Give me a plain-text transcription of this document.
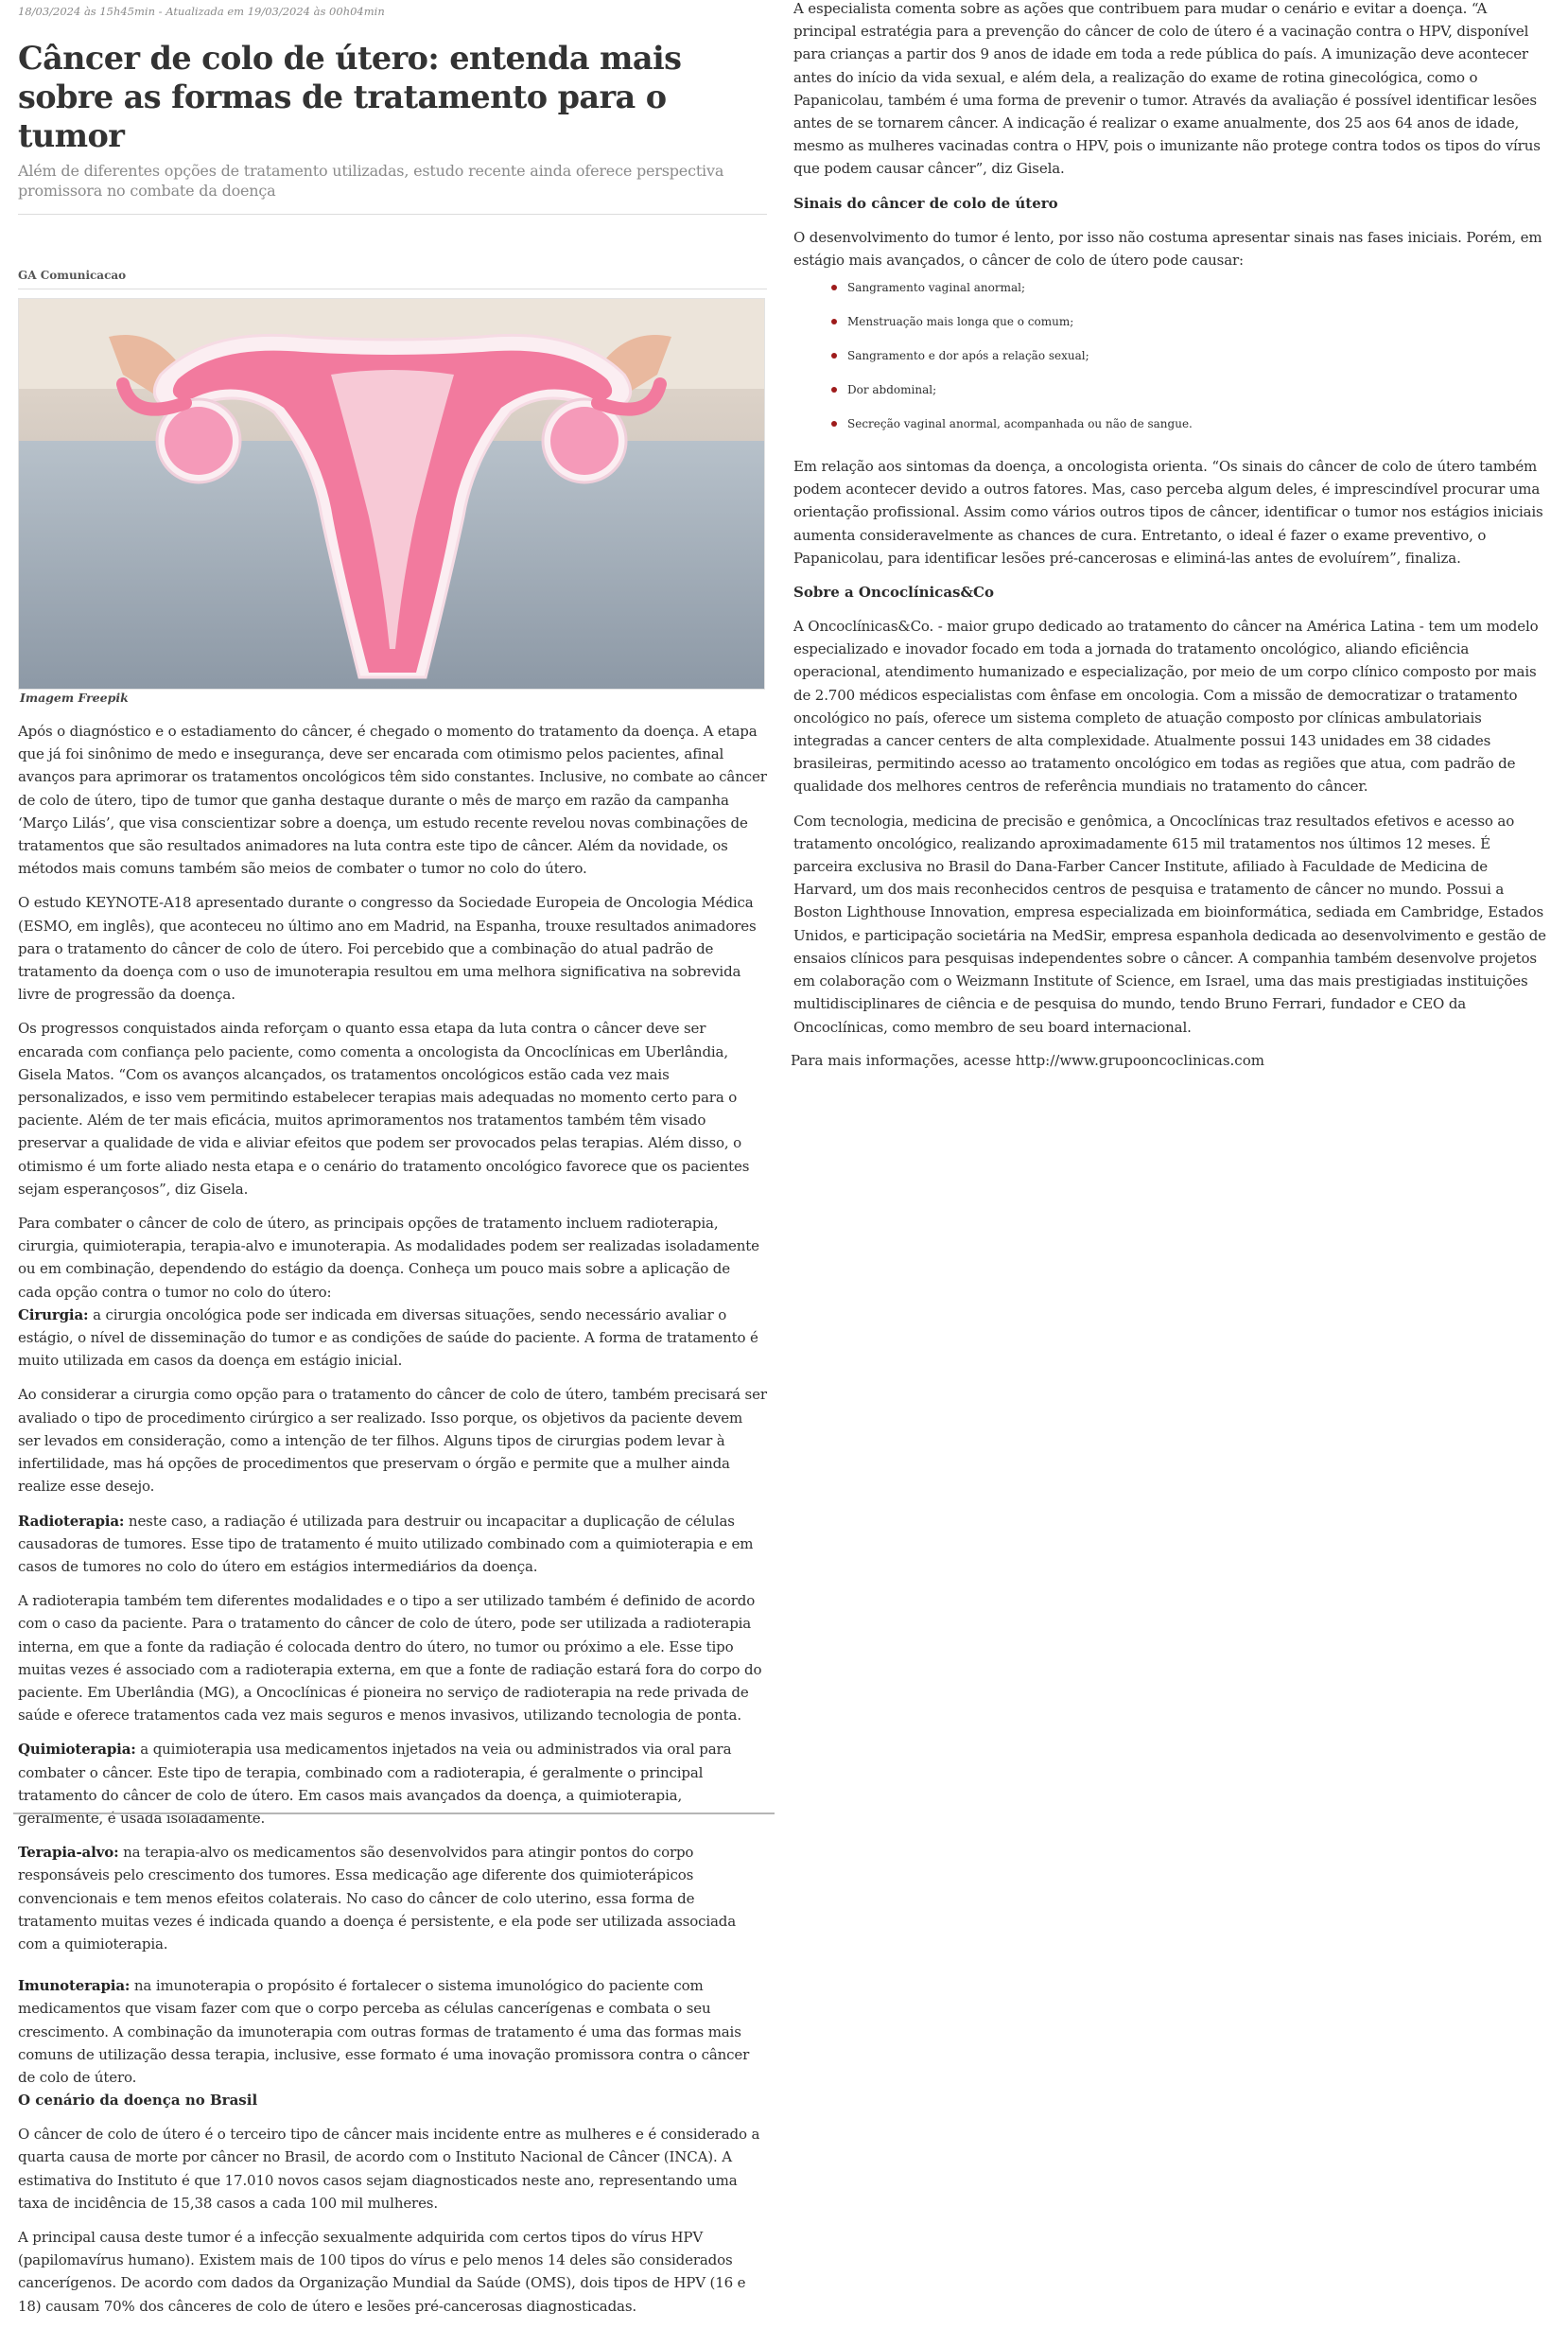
18/03/2024 às 15h45min - Atualizada em 19/03/2024 às 00h04min
Câncer de colo de útero: entenda mais sobre as formas de tratamento para o tumor
Além de diferentes opções de tratamento utilizadas, estudo recente ainda oferece perspectiva promissora no combate da doença
GA Comunicacao
Imagem Freepik

Após o diagnóstico e o estadiamento do câncer, é chegado o momento do tratamento da doença. A etapa que já foi sinônimo de medo e insegurança, deve ser encarada com otimismo pelos pacientes, afinal avanços para aprimorar os tratamentos oncológicos têm sido constantes. Inclusive, no combate ao câncer de colo de útero, tipo de tumor que ganha destaque durante o mês de março em razão da campanha ‘Março Lilás’, que visa conscientizar sobre a doença, um estudo recente revelou novas combinações de tratamentos que são resultados animadores na luta contra este tipo de câncer. Além da novidade, os métodos mais comuns também são meios de combater o tumor no colo do útero.

O estudo KEYNOTE-A18 apresentado durante o congresso da Sociedade Europeia de Oncologia Médica (ESMO, em inglês), que aconteceu no último ano em Madrid, na Espanha, trouxe resultados animadores para o tratamento do câncer de colo de útero. Foi percebido que a combinação do atual padrão de tratamento da doença com o uso de imunoterapia resultou em uma melhora significativa na sobrevida livre de progressão da doença.

Os progressos conquistados ainda reforçam o quanto essa etapa da luta contra o câncer deve ser encarada com confiança pelo paciente, como comenta a oncologista da Oncoclínicas em Uberlândia, Gisela Matos. “Com os avanços alcançados, os tratamentos oncológicos estão cada vez mais personalizados, e isso vem permitindo estabelecer terapias mais adequadas no momento certo para o paciente. Além de ter mais eficácia, muitos aprimoramentos nos tratamentos também têm visado preservar a qualidade de vida e aliviar efeitos que podem ser provocados pelas terapias. Além disso, o otimismo é um forte aliado nesta etapa e o cenário do tratamento oncológico favorece que os pacientes sejam esperançosos”, diz Gisela.

Para combater o câncer de colo de útero, as principais opções de tratamento incluem radioterapia, cirurgia, quimioterapia, terapia-alvo e imunoterapia. As modalidades podem ser realizadas isoladamente ou em combinação, dependendo do estágio da doença. Conheça um pouco mais sobre a aplicação de cada opção contra o tumor no colo do útero:

Cirurgia: a cirurgia oncológica pode ser indicada em diversas situações, sendo necessário avaliar o estágio, o nível de disseminação do tumor e as condições de saúde do paciente. A forma de tratamento é muito utilizada em casos da doença em estágio inicial.

Ao considerar a cirurgia como opção para o tratamento do câncer de colo de útero, também precisará ser avaliado o tipo de procedimento cirúrgico a ser realizado. Isso porque, os objetivos da paciente devem ser levados em consideração, como a intenção de ter filhos. Alguns tipos de cirurgias podem levar à infertilidade, mas há opções de procedimentos que preservam o órgão e permite que a mulher ainda realize esse desejo.

Radioterapia: neste caso, a radiação é utilizada para destruir ou incapacitar a duplicação de células causadoras de tumores. Esse tipo de tratamento é muito utilizado combinado com a quimioterapia e em casos de tumores no colo do útero em estágios intermediários da doença.

A radioterapia também tem diferentes modalidades e o tipo a ser utilizado também é definido de acordo com o caso da paciente. Para o tratamento do câncer de colo de útero, pode ser utilizada a radioterapia interna, em que a fonte da radiação é colocada dentro do útero, no tumor ou próximo a ele. Esse tipo muitas vezes é associado com a radioterapia externa, em que a fonte de radiação estará fora do corpo do paciente. Em Uberlândia (MG), a Oncoclínicas é pioneira no serviço de radioterapia na rede privada de saúde e oferece tratamentos cada vez mais seguros e menos invasivos, utilizando tecnologia de ponta.

Quimioterapia: a quimioterapia usa medicamentos injetados na veia ou administrados via oral para combater o câncer. Este tipo de terapia, combinado com a radioterapia, é geralmente o principal tratamento do câncer de colo de útero. Em casos mais avançados da doença, a quimioterapia, geralmente, é usada isoladamente.

Terapia-alvo: na terapia-alvo os medicamentos são desenvolvidos para atingir pontos do corpo responsáveis pelo crescimento dos tumores. Essa medicação age diferente dos quimioterápicos convencionais e tem menos efeitos colaterais. No caso do câncer de colo uterino, essa forma de tratamento muitas vezes é indicada quando a doença é persistente, e ela pode ser utilizada associada com a quimioterapia.

Imunoterapia: na imunoterapia o propósito é fortalecer o sistema imunológico do paciente com medicamentos que visam fazer com que o corpo perceba as células cancerígenas e combata o seu crescimento. A combinação da imunoterapia com outras formas de tratamento é uma das formas mais comuns de utilização dessa terapia, inclusive, esse formato é uma inovação promissora contra o câncer de colo de útero.

O cenário da doença no Brasil

O câncer de colo de útero é o terceiro tipo de câncer mais incidente entre as mulheres e é considerado a quarta causa de morte por câncer no Brasil, de acordo com o Instituto Nacional de Câncer (INCA). A estimativa do Instituto é que 17.010 novos casos sejam diagnosticados neste ano, representando uma taxa de incidência de 15,38 casos a cada 100 mil mulheres.

A principal causa deste tumor é a infecção sexualmente adquirida com certos tipos do vírus HPV (papilomavírus humano). Existem mais de 100 tipos do vírus e pelo menos 14 deles são considerados cancerígenos. De acordo com dados da Organização Mundial da Saúde (OMS), dois tipos de HPV (16 e 18) causam 70% dos cânceres de colo de útero e lesões pré-cancerosas diagnosticadas.

A especialista comenta sobre as ações que contribuem para mudar o cenário e evitar a doença. “A principal estratégia para a prevenção do câncer de colo de útero é a vacinação contra o HPV, disponível para crianças a partir dos 9 anos de idade em toda a rede pública do país. A imunização deve acontecer antes do início da vida sexual, e além dela, a realização do exame de rotina ginecológica, como o Papanicolau, também é uma forma de prevenir o tumor. Através da avaliação é possível identificar lesões antes de se tornarem câncer. A indicação é realizar o exame anualmente, dos 25 aos 64 anos de idade, mesmo as mulheres vacinadas contra o HPV, pois o imunizante não protege contra todos os tipos do vírus que podem causar câncer”, diz Gisela.

Sinais do câncer de colo de útero

O desenvolvimento do tumor é lento, por isso não costuma apresentar sinais nas fases iniciais. Porém, em estágio mais avançados, o câncer de colo de útero pode causar:

Sangramento vaginal anormal;
Menstruação mais longa que o comum;
Sangramento e dor após a relação sexual;
Dor abdominal;
Secreção vaginal anormal, acompanhada ou não de sangue.

Em relação aos sintomas da doença, a oncologista orienta. “Os sinais do câncer de colo de útero também podem acontecer devido a outros fatores. Mas, caso perceba algum deles, é imprescindível procurar uma orientação profissional. Assim como vários outros tipos de câncer, identificar o tumor nos estágios iniciais aumenta consideravelmente as chances de cura. Entretanto, o ideal é fazer o exame preventivo, o Papanicolau, para identificar lesões pré-cancerosas e eliminá-las antes de evoluírem”, finaliza.

Sobre a Oncoclínicas&Co

A Oncoclínicas&Co. - maior grupo dedicado ao tratamento do câncer na América Latina - tem um modelo especializado e inovador focado em toda a jornada do tratamento oncológico, aliando eficiência operacional, atendimento humanizado e especialização, por meio de um corpo clínico composto por mais de 2.700 médicos especialistas com ênfase em oncologia. Com a missão de democratizar o tratamento oncológico no país, oferece um sistema completo de atuação composto por clínicas ambulatoriais integradas a cancer centers de alta complexidade. Atualmente possui 143 unidades em 38 cidades brasileiras, permitindo acesso ao tratamento oncológico em todas as regiões que atua, com padrão de qualidade dos melhores centros de referência mundiais no tratamento do câncer.

Com tecnologia, medicina de precisão e genômica, a Oncoclínicas traz resultados efetivos e acesso ao tratamento oncológico, realizando aproximadamente 615 mil tratamentos nos últimos 12 meses. É parceira exclusiva no Brasil do Dana-Farber Cancer Institute, afiliado à Faculdade de Medicina de Harvard, um dos mais reconhecidos centros de pesquisa e tratamento de câncer no mundo. Possui a Boston Lighthouse Innovation, empresa especializada em bioinformática, sediada em Cambridge, Estados Unidos, e participação societária na MedSir, empresa espanhola dedicada ao desenvolvimento e gestão de ensaios clínicos para pesquisas independentes sobre o câncer. A companhia também desenvolve projetos em colaboração com o Weizmann Institute of Science, em Israel, uma das mais prestigiadas instituições multidisciplinares de ciência e de pesquisa do mundo, tendo Bruno Ferrari, fundador e CEO da Oncoclínicas, como membro de seu board internacional.

Para mais informações, acesse http://www.grupooncoclinicas.com
